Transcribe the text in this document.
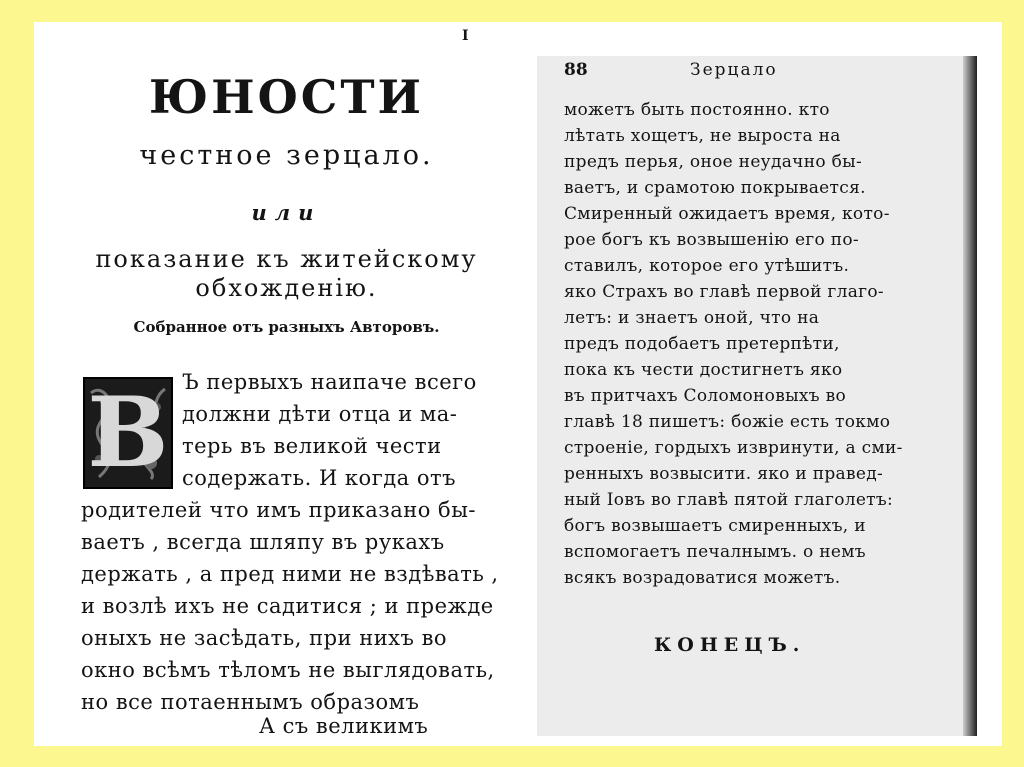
I
ЮНОСТИ
честное зерцало.
или
показание къ житейскому
обхожденію.
Собранное отъ разныхъ Авторовъ.
В Ъ первыхъ наипаче всего
должни дѣти отца и ма-
терь въ великой чести
содержать. И когда отъ
родителей что имъ приказано бы-
ваетъ , всегда шляпу въ рукахъ
держать , а пред ними не вздѣвать ,
и возлѣ ихъ не садитися ; и прежде
оныхъ не засѣдать, при нихъ во
окно всѣмъ тѣломъ не выглядовать,
но все потаеннымъ образомъ
А съ великимъ
88	Зерцало
можетъ быть постоянно. кто
лѣтать хощетъ, не выроста на
предъ перья, оное неудачно бы-
ваетъ, и срамотою покрывается.
Смиренный ожидаетъ время, кото-
рое богъ къ возвышенію его по-
ставилъ, которое его утѣшитъ.
яко Страхъ во главѣ первой глаго-
летъ: и знаетъ оной, что на
предъ подобаетъ претерпѣти,
пока къ чести достигнетъ яко
въ притчахъ Соломоновыхъ во
главѣ 18 пишетъ: божіе есть токмо
строеніе, гордыхъ извринути, а сми-
ренныхъ возвысити. яко и правед-
ный Іовъ во главѣ пятой глаголетъ:
богъ возвышаетъ смиренныхъ, и
вспомогаетъ печалнымъ. о немъ
всякъ возрадоватися можетъ.
КОНЕЦЪ.
